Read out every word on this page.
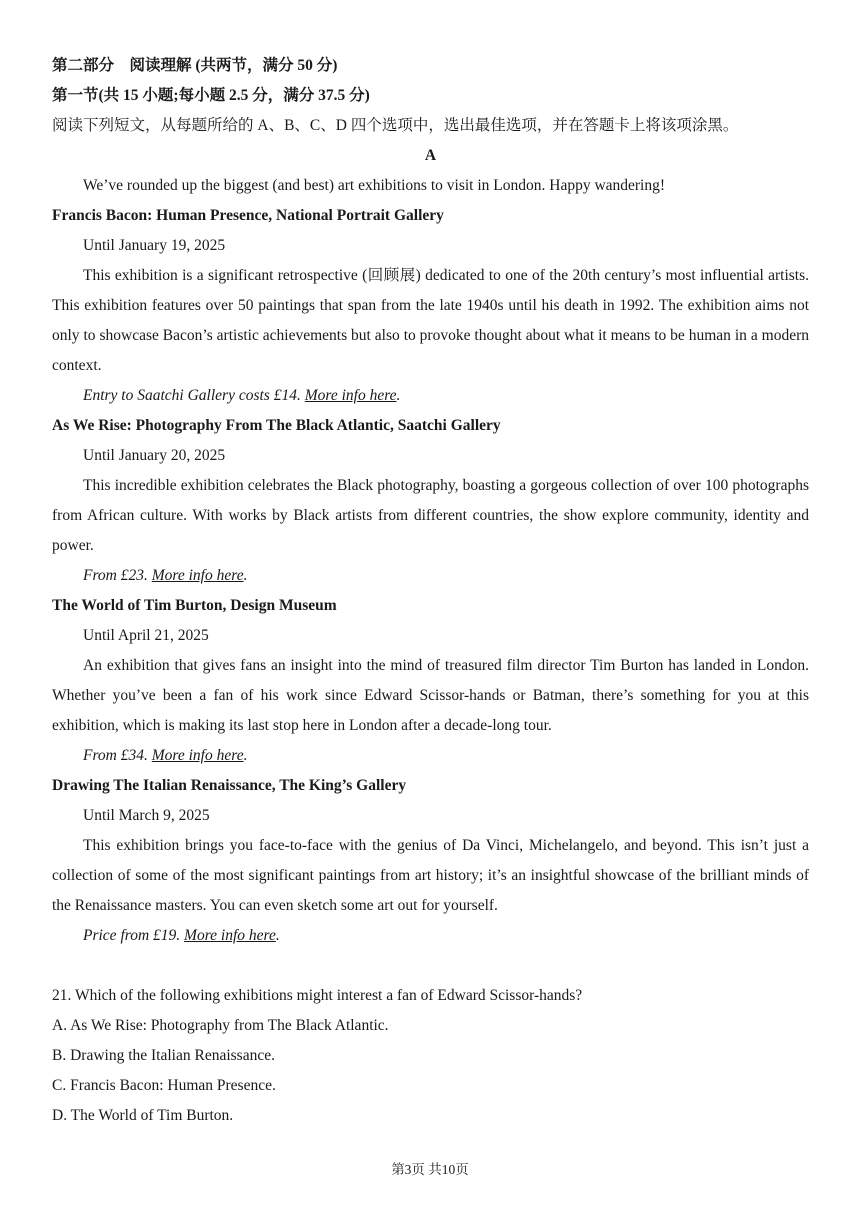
第二部分　阅读理解 (共两节，满分 50 分)
第一节(共 15 小题;每小题 2.5 分，满分 37.5 分)
阅读下列短文，从每题所给的 A、B、C、D 四个选项中，选出最佳选项，并在答题卡上将该项涂黑。
A
We’ve rounded up the biggest (and best) art exhibitions to visit in London. Happy wandering!
Francis Bacon: Human Presence, National Portrait Gallery
Until January 19, 2025
This exhibition is a significant retrospective (回顾展) dedicated to one of the 20th century’s most influential artists. This exhibition features over 50 paintings that span from the late 1940s until his death in 1992. The exhibition aims not only to showcase Bacon’s artistic achievements but also to provoke thought about what it means to be human in a modern context.
Entry to Saatchi Gallery costs £14. More info here.
As We Rise: Photography From The Black Atlantic, Saatchi Gallery
Until January 20, 2025
This incredible exhibition celebrates the Black photography, boasting a gorgeous collection of over 100 photographs from African culture. With works by Black artists from different countries, the show explore community, identity and power.
From £23. More info here.
The World of Tim Burton, Design Museum
Until April 21, 2025
An exhibition that gives fans an insight into the mind of treasured film director Tim Burton has landed in London. Whether you’ve been a fan of his work since Edward Scissor-hands or Batman, there’s something for you at this exhibition, which is making its last stop here in London after a decade-long tour.
From £34. More info here.
Drawing The Italian Renaissance, The King’s Gallery
Until March 9, 2025
This exhibition brings you face-to-face with the genius of Da Vinci, Michelangelo, and beyond. This isn’t just a collection of some of the most significant paintings from art history; it’s an insightful showcase of the brilliant minds of the Renaissance masters. You can even sketch some art out for yourself.
Price from £19. More info here.
21. Which of the following exhibitions might interest a fan of Edward Scissor-hands?
A. As We Rise: Photography from The Black Atlantic.
B. Drawing the Italian Renaissance.
C. Francis Bacon: Human Presence.
D. The World of Tim Burton.
第3页 共10页
